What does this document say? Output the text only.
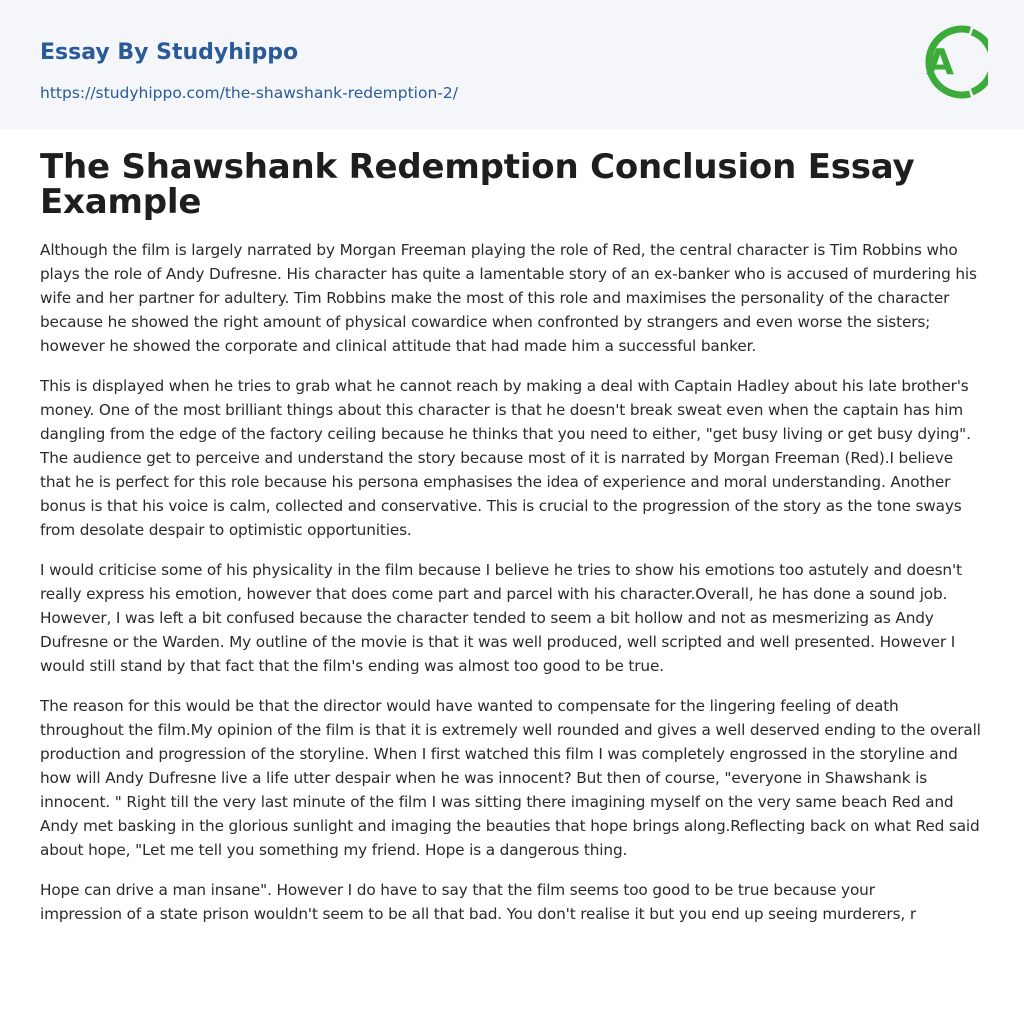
Essay By Studyhippo
https://studyhippo.com/the-shawshank-redemption-2/
A
The Shawshank Redemption Conclusion Essay Example

Although the film is largely narrated by Morgan Freeman playing the role of Red, the central character is Tim Robbins who plays the role of Andy Dufresne. His character has quite a lamentable story of an ex-banker who is accused of murdering his wife and her partner for adultery. Tim Robbins make the most of this role and maximises the personality of the character because he showed the right amount of physical cowardice when confronted by strangers and even worse the sisters; however he showed the corporate and clinical attitude that had made him a successful banker.

This is displayed when he tries to grab what he cannot reach by making a deal with Captain Hadley about his late brother's money. One of the most brilliant things about this character is that he doesn't break sweat even when the captain has him dangling from the edge of the factory ceiling because he thinks that you need to either, "get busy living or get busy dying". The audience get to perceive and understand the story because most of it is narrated by Morgan Freeman (Red).I believe that he is perfect for this role because his persona emphasises the idea of experience and moral understanding. Another bonus is that his voice is calm, collected and conservative. This is crucial to the progression of the story as the tone sways from desolate despair to optimistic opportunities.

I would criticise some of his physicality in the film because I believe he tries to show his emotions too astutely and doesn't really express his emotion, however that does come part and parcel with his character.Overall, he has done a sound job. However, I was left a bit confused because the character tended to seem a bit hollow and not as mesmerizing as Andy Dufresne or the Warden. My outline of the movie is that it was well produced, well scripted and well presented. However I would still stand by that fact that the film's ending was almost too good to be true.

The reason for this would be that the director would have wanted to compensate for the lingering feeling of death throughout the film.My opinion of the film is that it is extremely well rounded and gives a well deserved ending to the overall production and progression of the storyline. When I first watched this film I was completely engrossed in the storyline and how will Andy Dufresne live a life utter despair when he was innocent? But then of course, "everyone in Shawshank is innocent. " Right till the very last minute of the film I was sitting there imagining myself on the very same beach Red and Andy met basking in the glorious sunlight and imaging the beauties that hope brings along.Reflecting back on what Red said about hope, "Let me tell you something my friend. Hope is a dangerous thing.

Hope can drive a man insane". However I do have to say that the film seems too good to be true because your
impression of a state prison wouldn't seem to be all that bad. You don't realise it but you end up seeing murderers, r
